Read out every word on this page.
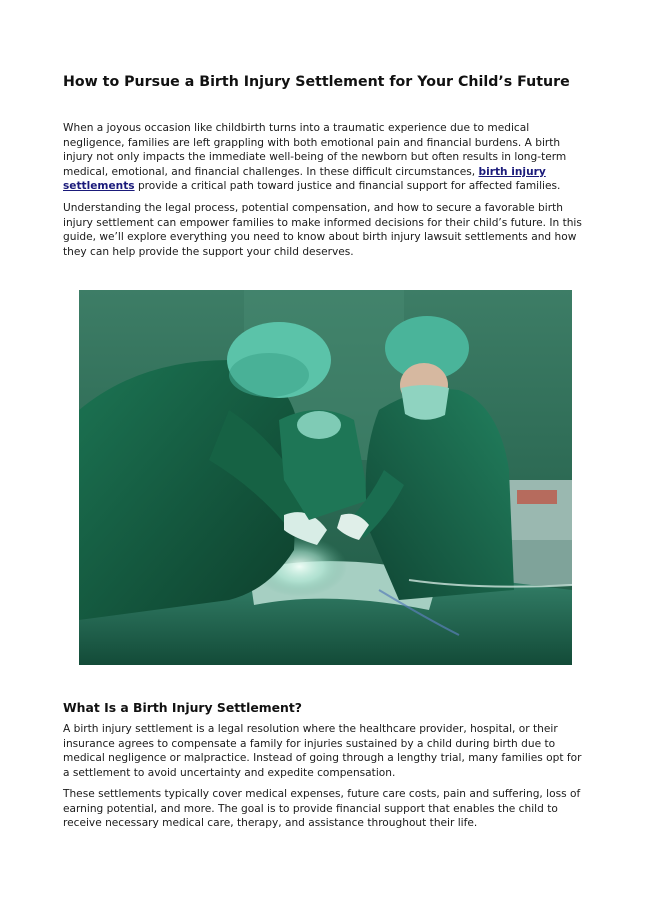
How to Pursue a Birth Injury Settlement for Your Child’s Future

When a joyous occasion like childbirth turns into a traumatic experience due to medical negligence, families are left grappling with both emotional pain and financial burdens. A birth injury not only impacts the immediate well-being of the newborn but often results in long-term medical, emotional, and financial challenges. In these difficult circumstances, birth injury settlements provide a critical path toward justice and financial support for affected families.

Understanding the legal process, potential compensation, and how to secure a favorable birth injury settlement can empower families to make informed decisions for their child’s future. In this guide, we’ll explore everything you need to know about birth injury lawsuit settlements and how they can help provide the support your child deserves.

What Is a Birth Injury Settlement?

A birth injury settlement is a legal resolution where the healthcare provider, hospital, or their insurance agrees to compensate a family for injuries sustained by a child during birth due to medical negligence or malpractice. Instead of going through a lengthy trial, many families opt for a settlement to avoid uncertainty and expedite compensation.

These settlements typically cover medical expenses, future care costs, pain and suffering, loss of earning potential, and more. The goal is to provide financial support that enables the child to receive necessary medical care, therapy, and assistance throughout their life.
